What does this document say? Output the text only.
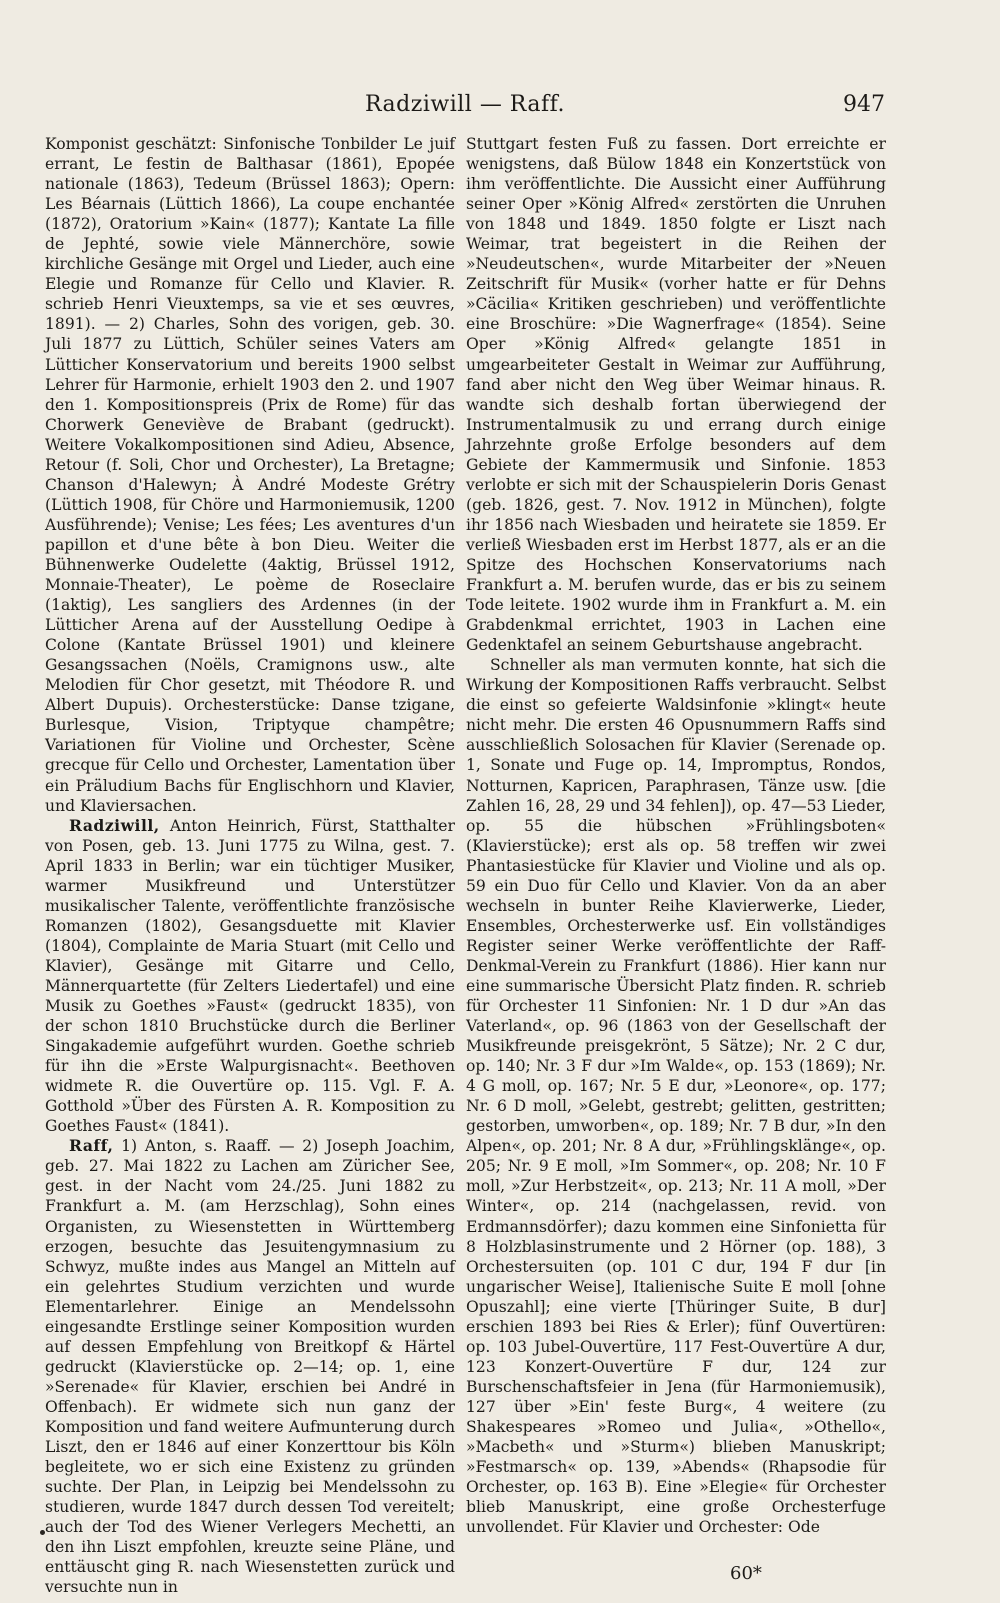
Radziwill — Raff.	947

Komponist geschätzt: Sinfonische Tonbilder Le juif errant, Le festin de Balthasar (1861), Epopée nationale (1863), Tedeum (Brüssel 1863); Opern: Les Béarnais (Lüttich 1866), La coupe enchantée (1872), Oratorium »Kain« (1877); Kantate La fille de Jephté, sowie viele Männerchöre, sowie kirchliche Gesänge mit Orgel und Lieder, auch eine Elegie und Romanze für Cello und Klavier. R. schrieb Henri Vieuxtemps, sa vie et ses œuvres, 1891). — 2) Charles, Sohn des vorigen, geb. 30. Juli 1877 zu Lüttich, Schüler seines Vaters am Lütticher Konservatorium und bereits 1900 selbst Lehrer für Harmonie, erhielt 1903 den 2. und 1907 den 1. Kompositionspreis (Prix de Rome) für das Chorwerk Geneviève de Brabant (gedruckt). Weitere Vokalkompositionen sind Adieu, Absence, Retour (f. Soli, Chor und Orchester), La Bretagne; Chanson d'Halewyn; À André Modeste Grétry (Lüttich 1908, für Chöre und Harmoniemusik, 1200 Ausführende); Venise; Les fées; Les aventures d'un papillon et d'une bête à bon Dieu. Weiter die Bühnenwerke Oudelette (4aktig, Brüssel 1912, Monnaie-Theater), Le poème de Roseclaire (1aktig), Les sangliers des Ardennes (in der Lütticher Arena auf der Ausstellung Oedipe à Colone (Kantate Brüssel 1901) und kleinere Gesangssachen (Noëls, Cramignons usw., alte Melodien für Chor gesetzt, mit Théodore R. und Albert Dupuis). Orchesterstücke: Danse tzigane, Burlesque, Vision, Triptyque champêtre; Variationen für Violine und Orchester, Scène grecque für Cello und Orchester, Lamentation über ein Präludium Bachs für Englischhorn und Klavier, und Klaviersachen.

Radziwill, Anton Heinrich, Fürst, Statthalter von Posen, geb. 13. Juni 1775 zu Wilna, gest. 7. April 1833 in Berlin; war ein tüchtiger Musiker, warmer Musikfreund und Unterstützer musikalischer Talente, veröffentlichte französische Romanzen (1802), Gesangsduette mit Klavier (1804), Complainte de Maria Stuart (mit Cello und Klavier), Gesänge mit Gitarre und Cello, Männerquartette (für Zelters Liedertafel) und eine Musik zu Goethes »Faust« (gedruckt 1835), von der schon 1810 Bruchstücke durch die Berliner Singakademie aufgeführt wurden. Goethe schrieb für ihn die »Erste Walpurgisnacht«. Beethoven widmete R. die Ouvertüre op. 115. Vgl. F. A. Gotthold »Über des Fürsten A. R. Komposition zu Goethes Faust« (1841).

Raff, 1) Anton, s. Raaff. — 2) Joseph Joachim, geb. 27. Mai 1822 zu Lachen am Züricher See, gest. in der Nacht vom 24./25. Juni 1882 zu Frankfurt a. M. (am Herzschlag), Sohn eines Organisten, zu Wiesenstetten in Württemberg erzogen, besuchte das Jesuitengymnasium zu Schwyz, mußte indes aus Mangel an Mitteln auf ein gelehrtes Studium verzichten und wurde Elementarlehrer. Einige an Mendelssohn eingesandte Erstlinge seiner Komposition wurden auf dessen Empfehlung von Breitkopf & Härtel gedruckt (Klavierstücke op. 2—14; op. 1, eine »Serenade« für Klavier, erschien bei André in Offenbach). Er widmete sich nun ganz der Komposition und fand weitere Aufmunterung durch Liszt, den er 1846 auf einer Konzerttour bis Köln begleitete, wo er sich eine Existenz zu gründen suchte. Der Plan, in Leipzig bei Mendelssohn zu studieren, wurde 1847 durch dessen Tod vereitelt; auch der Tod des Wiener Verlegers Mechetti, an den ihn Liszt empfohlen, kreuzte seine Pläne, und enttäuscht ging R. nach Wiesenstetten zurück und versuchte nun in

Stuttgart festen Fuß zu fassen. Dort erreichte er wenigstens, daß Bülow 1848 ein Konzertstück von ihm veröffentlichte. Die Aussicht einer Aufführung seiner Oper »König Alfred« zerstörten die Unruhen von 1848 und 1849. 1850 folgte er Liszt nach Weimar, trat begeistert in die Reihen der »Neudeutschen«, wurde Mitarbeiter der »Neuen Zeitschrift für Musik« (vorher hatte er für Dehns »Cäcilia« Kritiken geschrieben) und veröffentlichte eine Broschüre: »Die Wagnerfrage« (1854). Seine Oper »König Alfred« gelangte 1851 in umgearbeiteter Gestalt in Weimar zur Aufführung, fand aber nicht den Weg über Weimar hinaus. R. wandte sich deshalb fortan überwiegend der Instrumentalmusik zu und errang durch einige Jahrzehnte große Erfolge besonders auf dem Gebiete der Kammermusik und Sinfonie. 1853 verlobte er sich mit der Schauspielerin Doris Genast (geb. 1826, gest. 7. Nov. 1912 in München), folgte ihr 1856 nach Wiesbaden und heiratete sie 1859. Er verließ Wiesbaden erst im Herbst 1877, als er an die Spitze des Hochschen Konservatoriums nach Frankfurt a. M. berufen wurde, das er bis zu seinem Tode leitete. 1902 wurde ihm in Frankfurt a. M. ein Grabdenkmal errichtet, 1903 in Lachen eine Gedenktafel an seinem Geburtshause angebracht.

Schneller als man vermuten konnte, hat sich die Wirkung der Kompositionen Raffs verbraucht. Selbst die einst so gefeierte Waldsinfonie »klingt« heute nicht mehr. Die ersten 46 Opusnummern Raffs sind ausschließlich Solosachen für Klavier (Serenade op. 1, Sonate und Fuge op. 14, Impromptus, Rondos, Notturnen, Kapricen, Paraphrasen, Tänze usw. [die Zahlen 16, 28, 29 und 34 fehlen]), op. 47—53 Lieder, op. 55 die hübschen »Frühlingsboten« (Klavierstücke); erst als op. 58 treffen wir zwei Phantasiestücke für Klavier und Violine und als op. 59 ein Duo für Cello und Klavier. Von da an aber wechseln in bunter Reihe Klavierwerke, Lieder, Ensembles, Orchesterwerke usf. Ein vollständiges Register seiner Werke veröffentlichte der Raff-Denkmal-Verein zu Frankfurt (1886). Hier kann nur eine summarische Übersicht Platz finden. R. schrieb für Orchester 11 Sinfonien: Nr. 1 D dur »An das Vaterland«, op. 96 (1863 von der Gesellschaft der Musikfreunde preisgekrönt, 5 Sätze); Nr. 2 C dur, op. 140; Nr. 3 F dur »Im Walde«, op. 153 (1869); Nr. 4 G moll, op. 167; Nr. 5 E dur, »Leonore«, op. 177; Nr. 6 D moll, »Gelebt, gestrebt; gelitten, gestritten; gestorben, umworben«, op. 189; Nr. 7 B dur, »In den Alpen«, op. 201; Nr. 8 A dur, »Frühlingsklänge«, op. 205; Nr. 9 E moll, »Im Sommer«, op. 208; Nr. 10 F moll, »Zur Herbstzeit«, op. 213; Nr. 11 A moll, »Der Winter«, op. 214 (nachgelassen, revid. von Erdmannsdörfer); dazu kommen eine Sinfonietta für 8 Holzblasinstrumente und 2 Hörner (op. 188), 3 Orchestersuiten (op. 101 C dur, 194 F dur [in ungarischer Weise], Italienische Suite E moll [ohne Opuszahl]; eine vierte [Thüringer Suite, B dur] erschien 1893 bei Ries & Erler); fünf Ouvertüren: op. 103 Jubel-Ouvertüre, 117 Fest-Ouvertüre A dur, 123 Konzert-Ouvertüre F dur, 124 zur Burschenschaftsfeier in Jena (für Harmoniemusik), 127 über »Ein' feste Burg«, 4 weitere (zu Shakespeares »Romeo und Julia«, »Othello«, »Macbeth« und »Sturm«) blieben Manuskript; »Festmarsch« op. 139, »Abends« (Rhapsodie für Orchester, op. 163 B). Eine »Elegie« für Orchester blieb Manuskript, eine große Orchesterfuge unvollendet. Für Klavier und Orchester: Ode

60*
